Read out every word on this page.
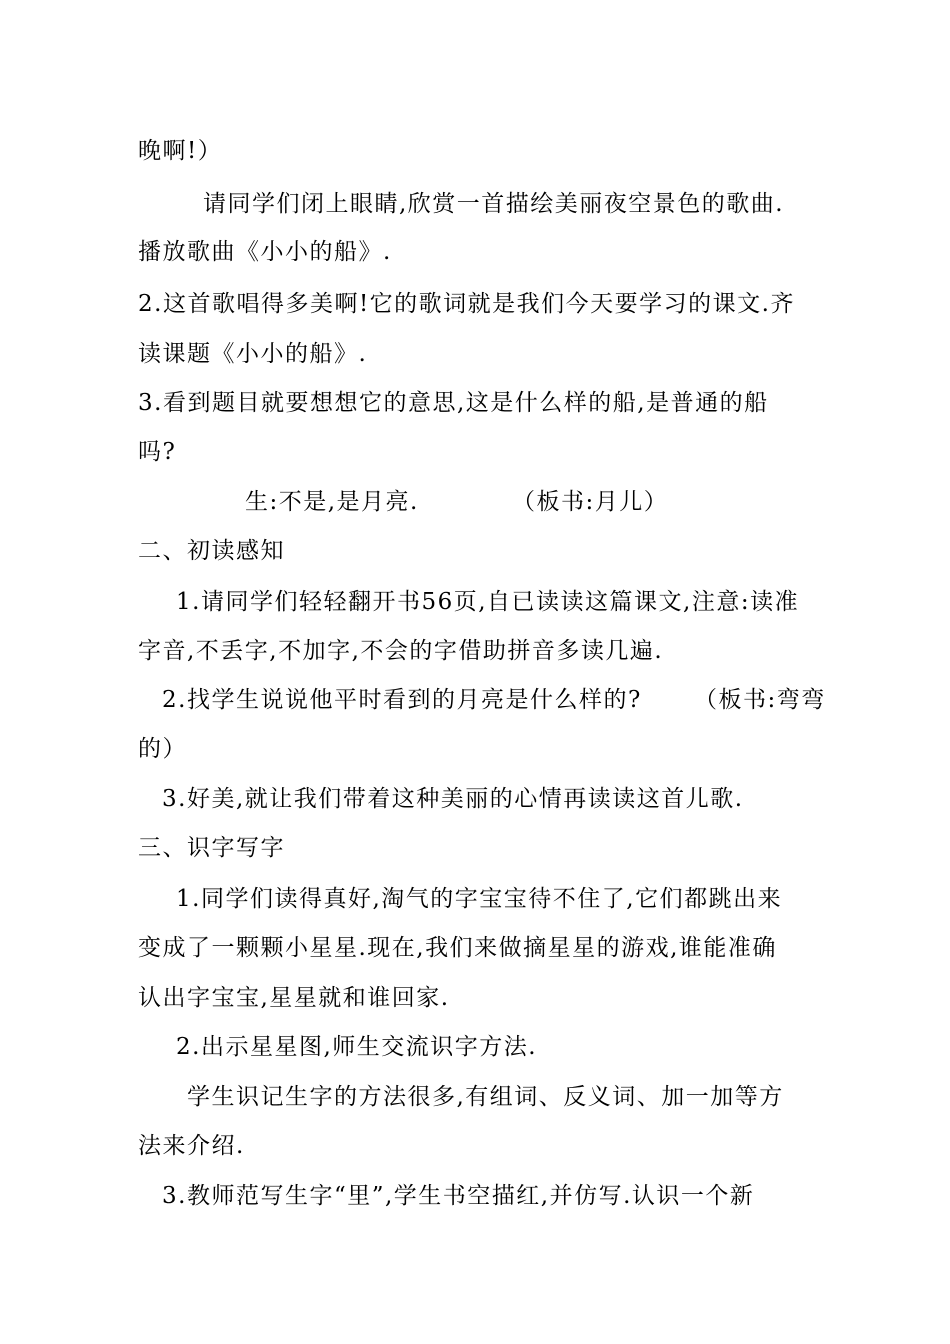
晚啊!）
请同学们闭上眼睛,欣赏一首描绘美丽夜空景色的歌曲.
播放歌曲《小小的船》.
2.这首歌唱得多美啊!它的歌词就是我们今天要学习的课文.齐
读课题《小小的船》.
3.看到题目就要想想它的意思,这是什么样的船,是普通的船
吗?
生:不是,是月亮.	（板书:月儿）
二、初读感知
1.请同学们轻轻翻开书56页,自已读读这篇课文,注意:读准
字音,不丢字,不加字,不会的字借助拼音多读几遍.
2.找学生说说他平时看到的月亮是什么样的? （板书:弯弯
的）
3.好美,就让我们带着这种美丽的心情再读读这首儿歌.
三、识字写字
1.同学们读得真好,淘气的字宝宝待不住了,它们都跳出来
变成了一颗颗小星星.现在,我们来做摘星星的游戏,谁能准确
认出字宝宝,星星就和谁回家.
2.出示星星图,师生交流识字方法.
学生识记生字的方法很多,有组词、反义词、加一加等方
法来介绍.
3.教师范写生字“里”,学生书空描红,并仿写.认识一个新
